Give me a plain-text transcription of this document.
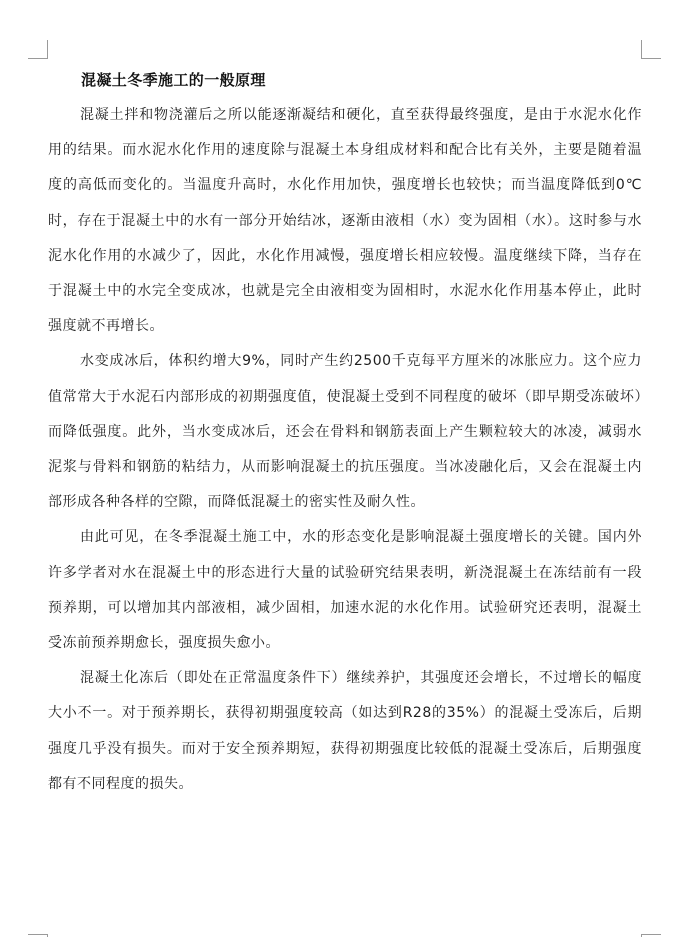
混凝土冬季施工的一般原理

混凝土拌和物浇灌后之所以能逐渐凝结和硬化，直至获得最终强度，是由于水泥水化作用的结果。而水泥水化作用的速度除与混凝土本身组成材料和配合比有关外，主要是随着温度的高低而变化的。当温度升高时，水化作用加快，强度增长也较快；而当温度降低到0℃时，存在于混凝土中的水有一部分开始结冰，逐渐由液相（水）变为固相（水）。这时参与水泥水化作用的水减少了，因此，水化作用减慢，强度增长相应较慢。温度继续下降，当存在于混凝土中的水完全变成冰，也就是完全由液相变为固相时，水泥水化作用基本停止，此时强度就不再增长。

水变成冰后，体积约增大9%，同时产生约2500千克每平方厘米的冰胀应力。这个应力值常常大于水泥石内部形成的初期强度值，使混凝土受到不同程度的破坏（即早期受冻破坏）而降低强度。此外，当水变成冰后，还会在骨料和钢筋表面上产生颗粒较大的冰凌，减弱水泥浆与骨料和钢筋的粘结力，从而影响混凝土的抗压强度。当冰凌融化后，又会在混凝土内部形成各种各样的空隙，而降低混凝土的密实性及耐久性。

由此可见，在冬季混凝土施工中，水的形态变化是影响混凝土强度增长的关键。国内外许多学者对水在混凝土中的形态进行大量的试验研究结果表明，新浇混凝土在冻结前有一段预养期，可以增加其内部液相，减少固相，加速水泥的水化作用。试验研究还表明，混凝土受冻前预养期愈长，强度损失愈小。

混凝土化冻后（即处在正常温度条件下）继续养护，其强度还会增长，不过增长的幅度大小不一。对于预养期长，获得初期强度较高（如达到R28的35%）的混凝土受冻后，后期强度几乎没有损失。而对于安全预养期短，获得初期强度比较低的混凝土受冻后，后期强度都有不同程度的损失。
